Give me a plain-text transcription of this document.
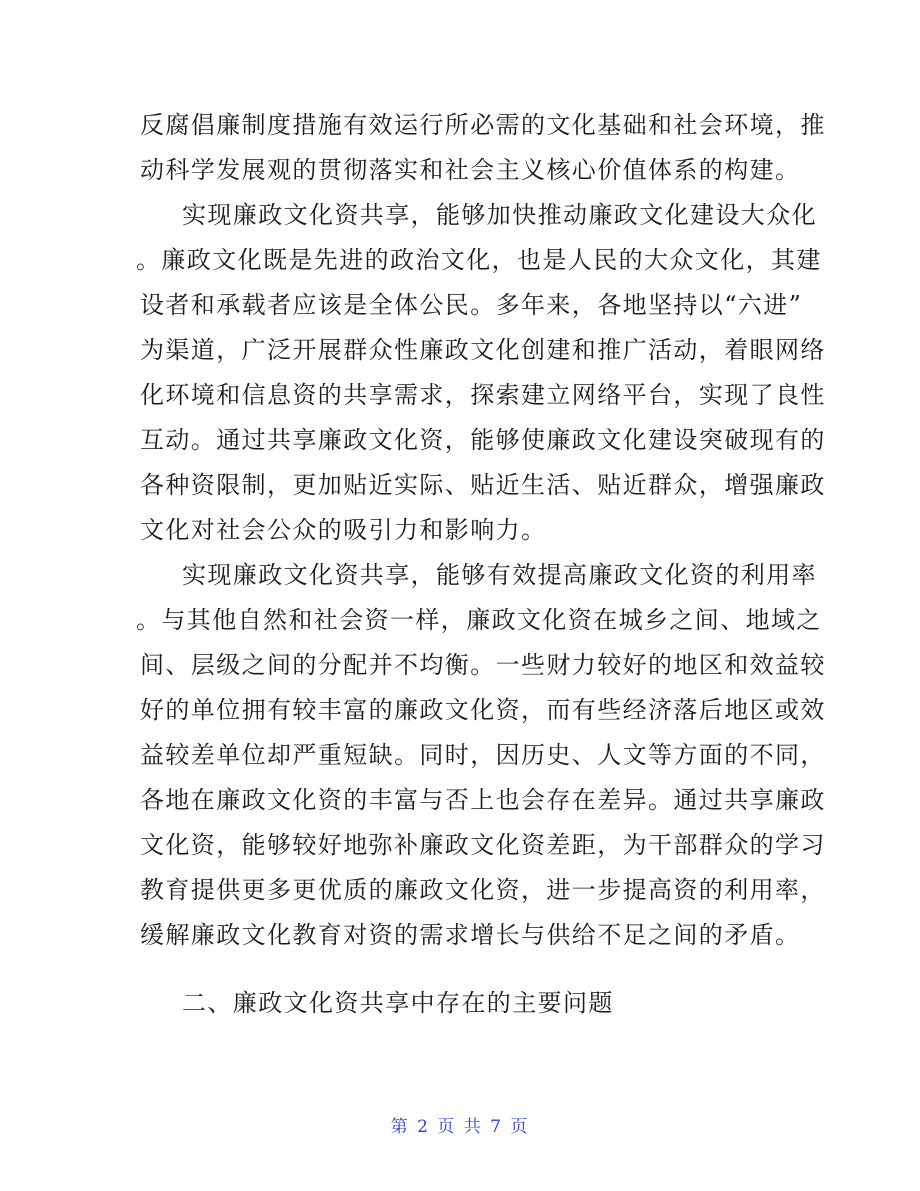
反腐倡廉制度措施有效运行所必需的文化基础和社会环境，推
动科学发展观的贯彻落实和社会主义核心价值体系的构建。
实现廉政文化资共享，能够加快推动廉政文化建设大众化
。廉政文化既是先进的政治文化，也是人民的大众文化，其建
设者和承载者应该是全体公民。多年来，各地坚持以“六进”
为渠道，广泛开展群众性廉政文化创建和推广活动，着眼网络
化环境和信息资的共享需求，探索建立网络平台，实现了良性
互动。通过共享廉政文化资，能够使廉政文化建设突破现有的
各种资限制，更加贴近实际、贴近生活、贴近群众，增强廉政
文化对社会公众的吸引力和影响力。
实现廉政文化资共享，能够有效提高廉政文化资的利用率
。与其他自然和社会资一样，廉政文化资在城乡之间、地域之
间、层级之间的分配并不均衡。一些财力较好的地区和效益较
好的单位拥有较丰富的廉政文化资，而有些经济落后地区或效
益较差单位却严重短缺。同时，因历史、人文等方面的不同，
各地在廉政文化资的丰富与否上也会存在差异。通过共享廉政
文化资，能够较好地弥补廉政文化资差距，为干部群众的学习
教育提供更多更优质的廉政文化资，进一步提高资的利用率，
缓解廉政文化教育对资的需求增长与供给不足之间的矛盾。
二、廉政文化资共享中存在的主要问题
第 2 页 共 7 页
